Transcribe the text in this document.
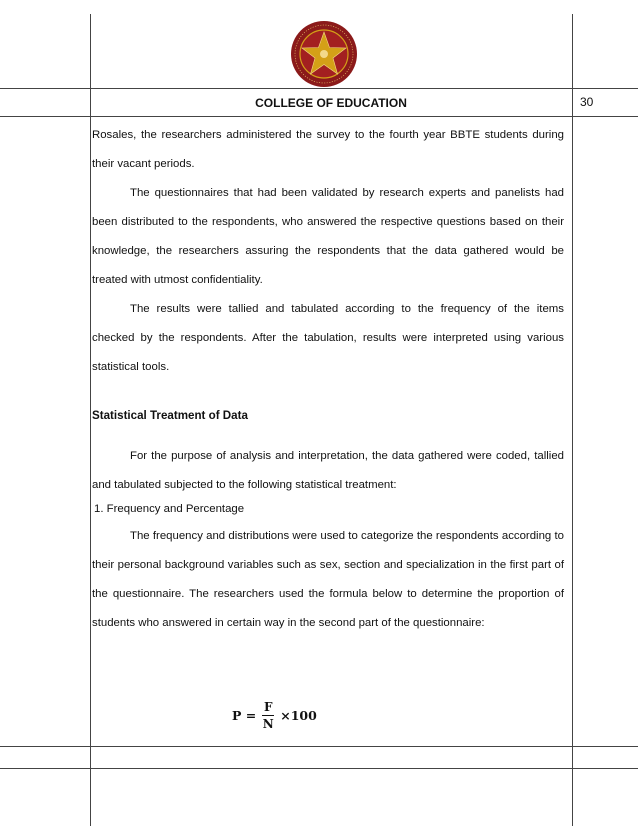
COLLEGE OF EDUCATION	30

Rosales, the researchers administered the survey to the fourth year BBTE students during their vacant periods.

The questionnaires that had been validated by research experts and panelists had been distributed to the respondents, who answered the respective questions based on their knowledge, the researchers assuring the respondents that the data gathered would be treated with utmost confidentiality.

The results were tallied and tabulated according to the frequency of the items checked by the respondents. After the tabulation, results were interpreted using various statistical tools.

Statistical Treatment of Data

For the purpose of analysis and interpretation, the data gathered were coded, tallied and tabulated subjected to the following statistical treatment:

1. Frequency and Percentage

The frequency and distributions were used to categorize the respondents according to their personal background variables such as sex, section and specialization in the first part of the questionnaire. The researchers used the formula below to determine the proportion of students who answered in certain way in the second part of the questionnaire:

$P = \frac{F}{N} \times 100$
